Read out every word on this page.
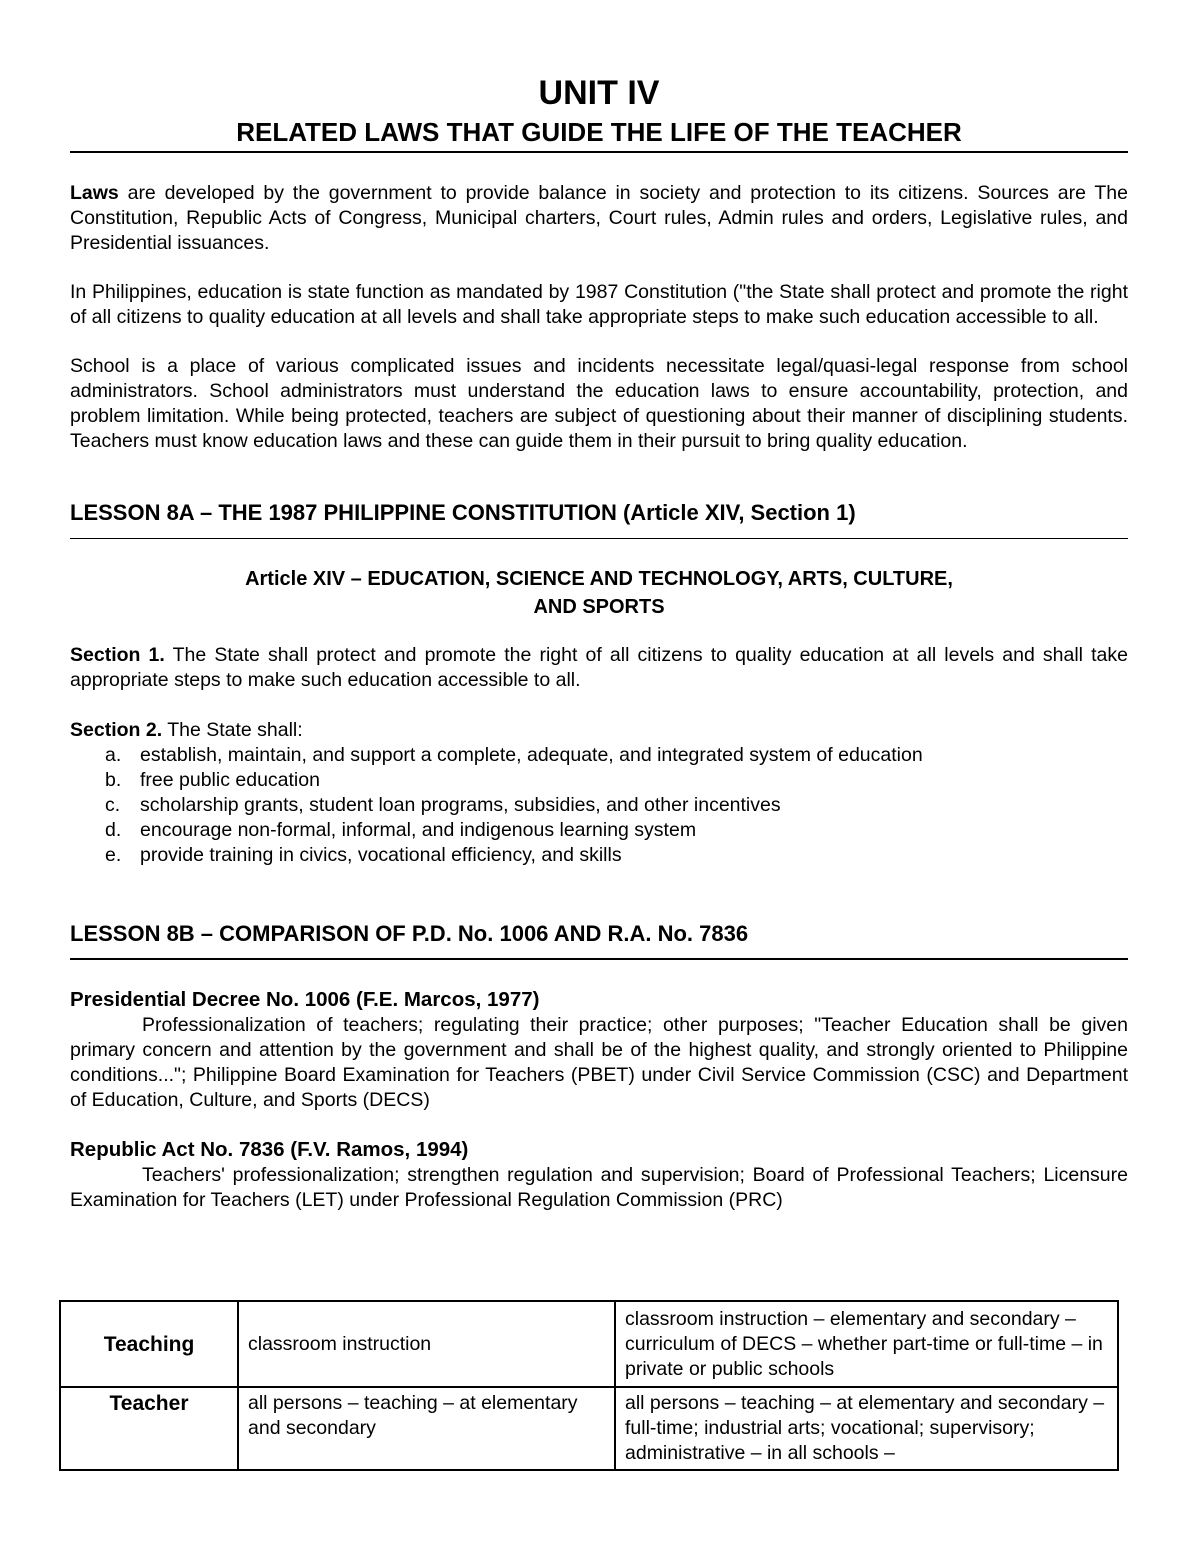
UNIT IV
RELATED LAWS THAT GUIDE THE LIFE OF THE TEACHER

Laws are developed by the government to provide balance in society and protection to its citizens. Sources are The Constitution, Republic Acts of Congress, Municipal charters, Court rules, Admin rules and orders, Legislative rules, and Presidential issuances.

In Philippines, education is state function as mandated by 1987 Constitution ("the State shall protect and promote the right of all citizens to quality education at all levels and shall take appropriate steps to make such education accessible to all.

School is a place of various complicated issues and incidents necessitate legal/quasi-legal response from school administrators. School administrators must understand the education laws to ensure accountability, protection, and problem limitation. While being protected, teachers are subject of questioning about their manner of disciplining students. Teachers must know education laws and these can guide them in their pursuit to bring quality education.

LESSON 8A – THE 1987 PHILIPPINE CONSTITUTION (Article XIV, Section 1)
Article XIV – EDUCATION, SCIENCE AND TECHNOLOGY, ARTS, CULTURE,
AND SPORTS

Section 1. The State shall protect and promote the right of all citizens to quality education at all levels and shall take appropriate steps to make such education accessible to all.

Section 2. The State shall:

a. establish, maintain, and support a complete, adequate, and integrated system of education
b. free public education
c.	scholarship grants, student loan programs, subsidies, and other incentives
d. encourage non-formal, informal, and indigenous learning system
e. provide training in civics, vocational efficiency, and skills
LESSON 8B – COMPARISON OF P.D. No. 1006 AND R.A. No. 7836
Presidential Decree No. 1006 (F.E. Marcos, 1977)

Professionalization of teachers; regulating their practice; other purposes; "Teacher Education shall be given primary concern and attention by the government and shall be of the highest quality, and strongly oriented to Philippine conditions..."; Philippine Board Examination for Teachers (PBET) under Civil Service Commission (CSC) and Department of Education, Culture, and Sports (DECS)

Republic Act No. 7836 (F.V. Ramos, 1994)

Teachers' professionalization; strengthen regulation and supervision; Board of Professional Teachers; Licensure Examination for Teachers (LET) under Professional Regulation Commission (PRC)

Teaching	classroom instruction	classroom instruction – elementary and secondary – curriculum of DECS – whether part-time or full-time – in private or public schools
Teacher	all persons – teaching – at elementary and secondary	all persons – teaching – at elementary and secondary – full-time; industrial arts; vocational; supervisory; administrative – in all schools –
